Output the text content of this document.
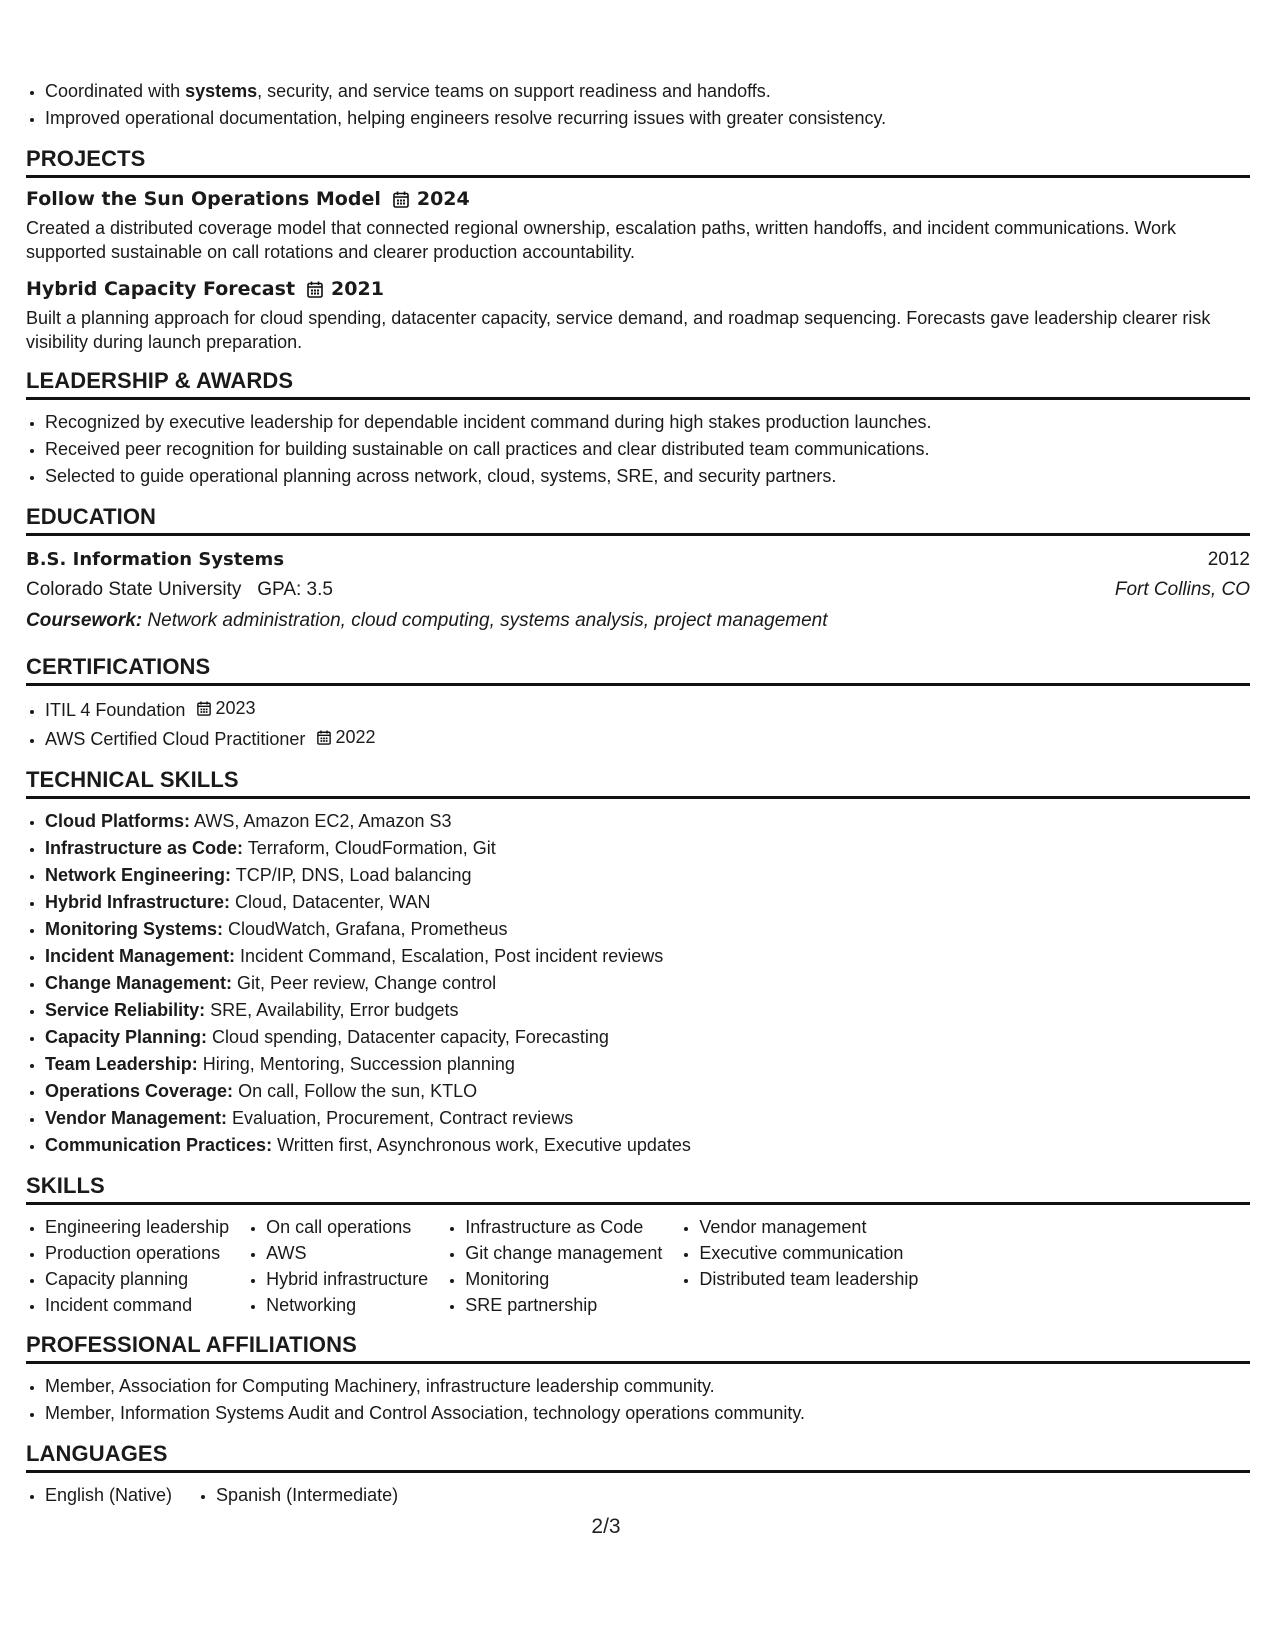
• Coordinated with systems, security, and service teams on support readiness and handoffs.
• Improved operational documentation, helping engineers resolve recurring issues with greater consistency.
PROJECTS
Follow the Sun Operations Model 2024
Created a distributed coverage model that connected regional ownership, escalation paths, written handoffs, and incident communications. Work supported sustainable on call rotations and clearer production accountability.
Hybrid Capacity Forecast 2021
Built a planning approach for cloud spending, datacenter capacity, service demand, and roadmap sequencing. Forecasts gave leadership clearer risk visibility during launch preparation.
LEADERSHIP & AWARDS
• Recognized by executive leadership for dependable incident command during high stakes production launches.
• Received peer recognition for building sustainable on call practices and clear distributed team communications.
• Selected to guide operational planning across network, cloud, systems, SRE, and security partners.
EDUCATION
B.S. Information Systems	2012
Colorado State University GPA: 3.5	Fort Collins, CO
Coursework: Network administration, cloud computing, systems analysis, project management
CERTIFICATIONS
• ITIL 4 Foundation 2023
• AWS Certified Cloud Practitioner 2022
TECHNICAL SKILLS
• Cloud Platforms: AWS, Amazon EC2, Amazon S3
• Infrastructure as Code: Terraform, CloudFormation, Git
• Network Engineering: TCP/IP, DNS, Load balancing
• Hybrid Infrastructure: Cloud, Datacenter, WAN
• Monitoring Systems: CloudWatch, Grafana, Prometheus
• Incident Management: Incident Command, Escalation, Post incident reviews
• Change Management: Git, Peer review, Change control
• Service Reliability: SRE, Availability, Error budgets
• Capacity Planning: Cloud spending, Datacenter capacity, Forecasting
• Team Leadership: Hiring, Mentoring, Succession planning
• Operations Coverage: On call, Follow the sun, KTLO
• Vendor Management: Evaluation, Procurement, Contract reviews
• Communication Practices: Written first, Asynchronous work, Executive updates
SKILLS
• Engineering leadership
• Production operations
• Capacity planning
• Incident command
• On call operations
• AWS
• Hybrid infrastructure
• Networking
• Infrastructure as Code
• Git change management
• Monitoring
• SRE partnership
• Vendor management
• Executive communication
• Distributed team leadership
PROFESSIONAL AFFILIATIONS
• Member, Association for Computing Machinery, infrastructure leadership community.
• Member, Information Systems Audit and Control Association, technology operations community.
LANGUAGES
• English (Native)
• Spanish (Intermediate)
2/3
